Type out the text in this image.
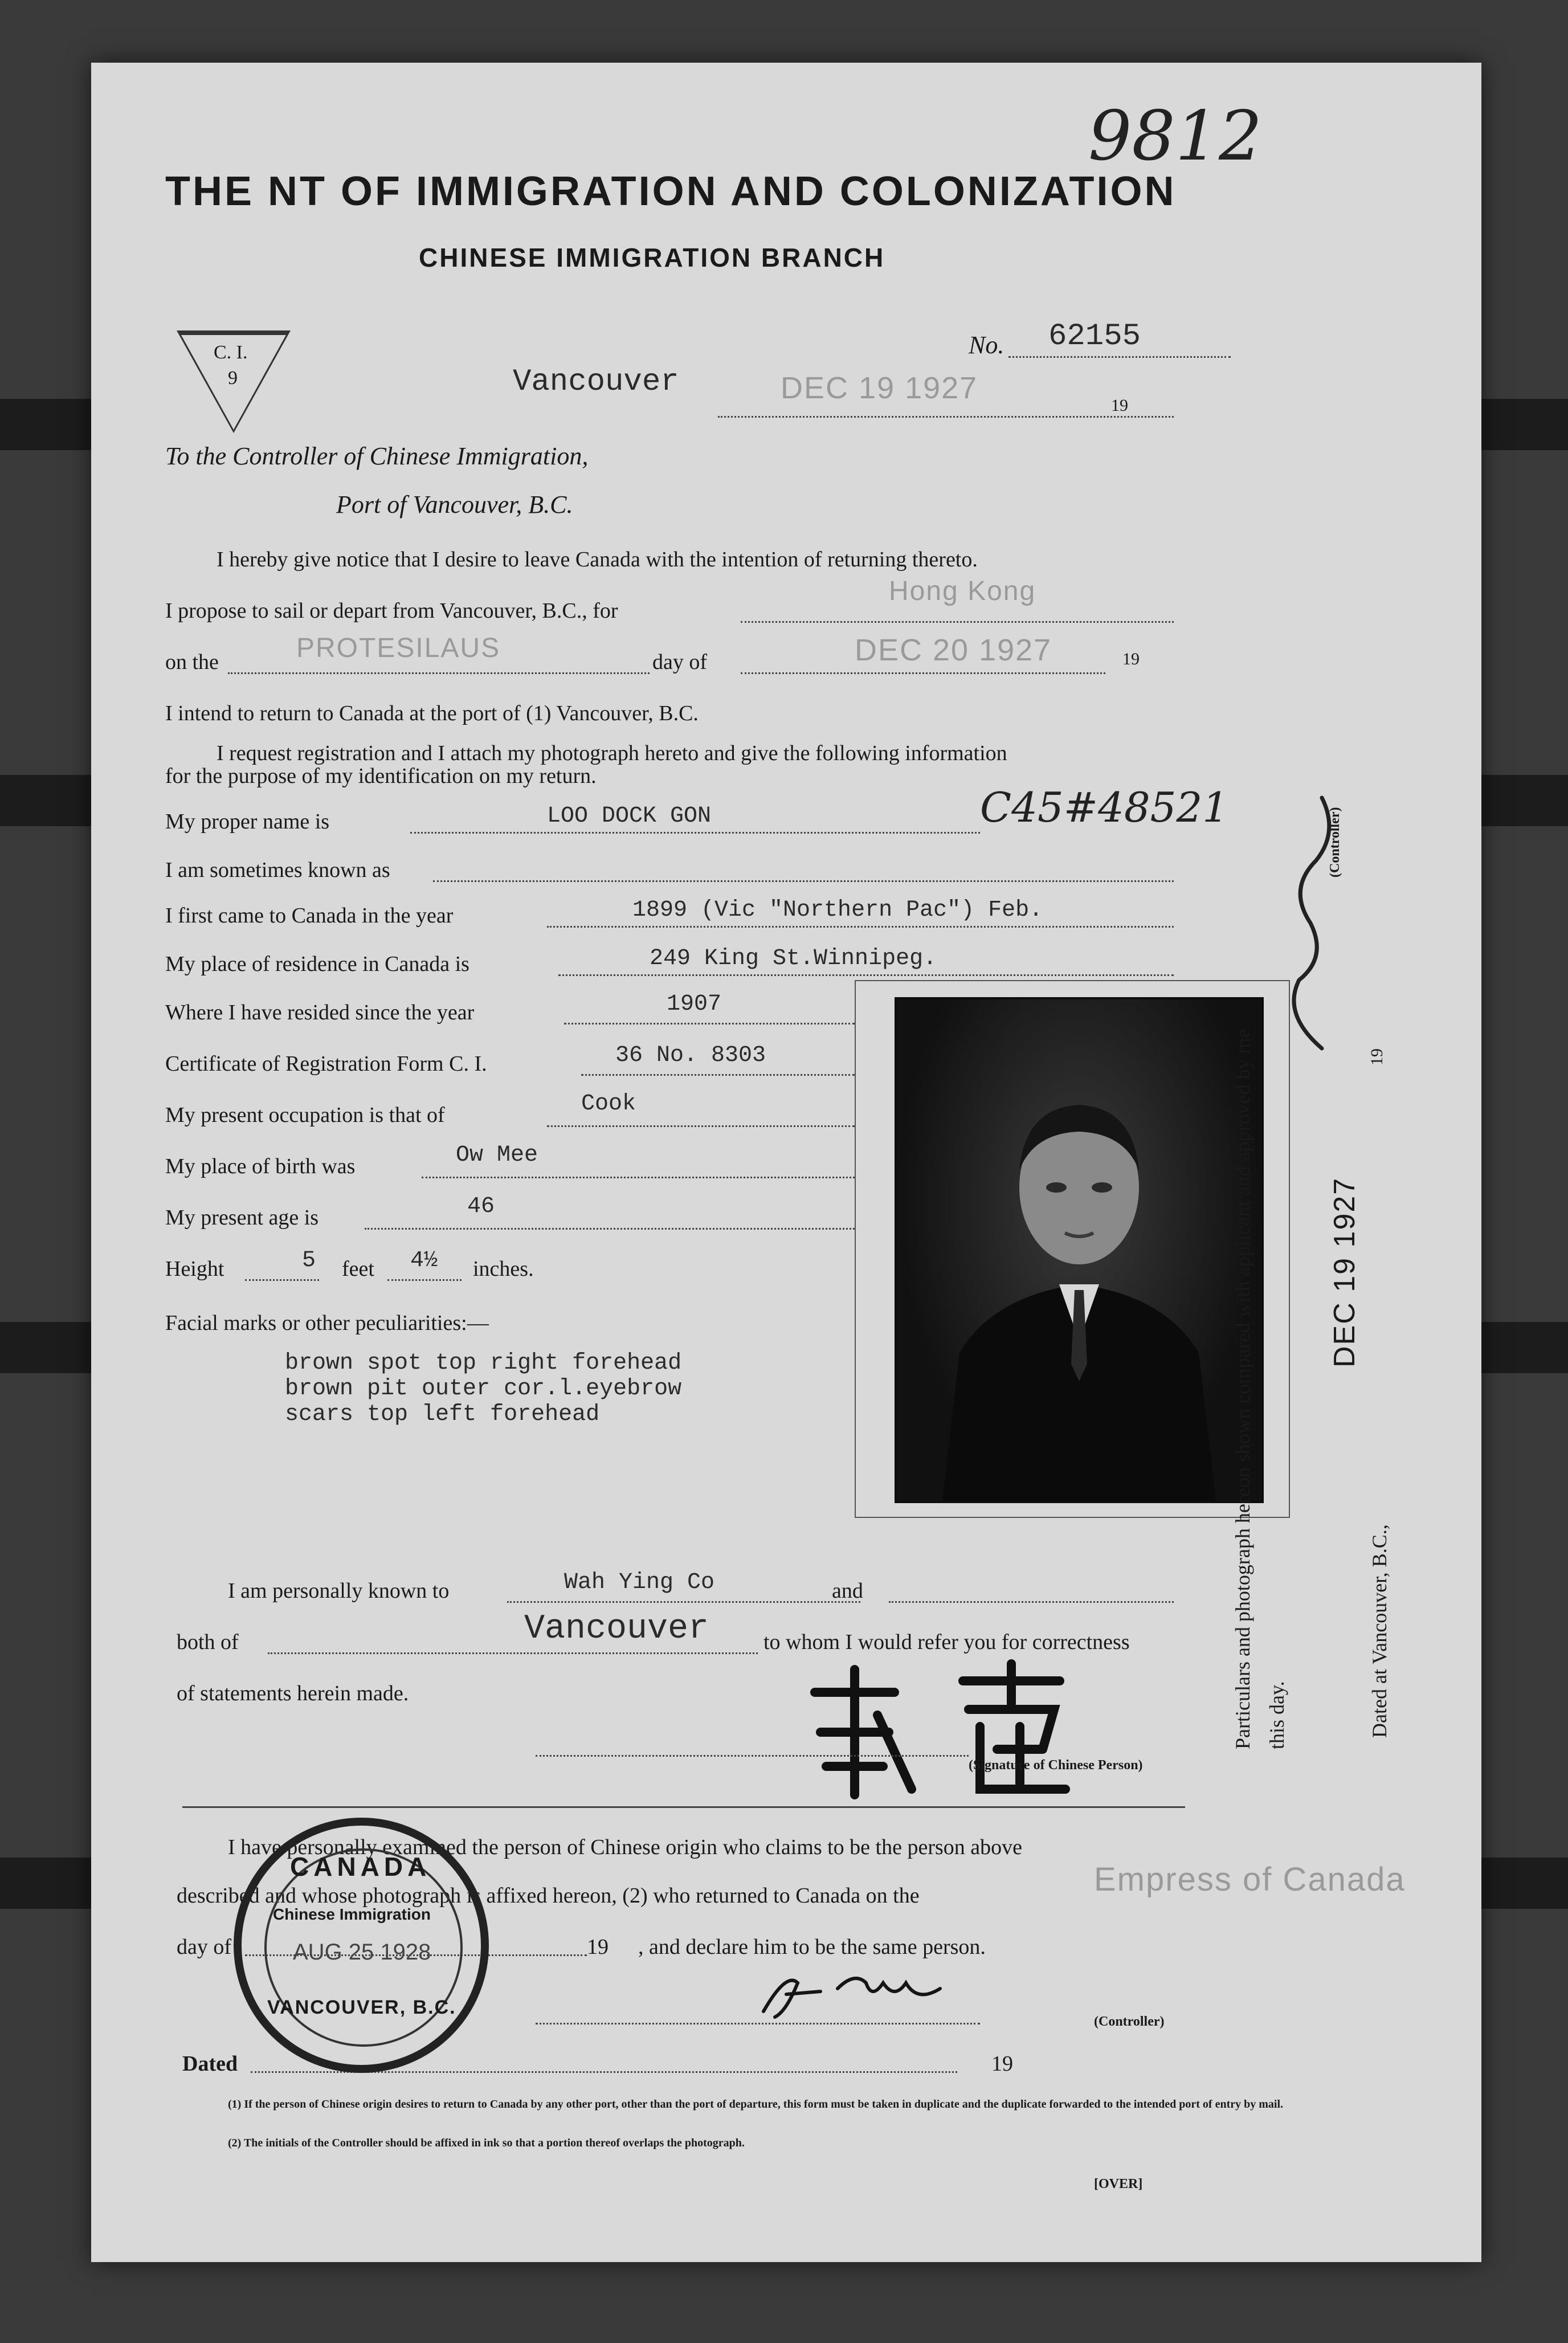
THE NT OF IMMIGRATION AND COLONIZATION
CHINESE IMMIGRATION BRANCH
9812
C. I.
9
No. 62155
Vancouver	DEC 19 1927
19
To the Controller of Chinese Immigration,
Port of Vancouver, B.C.
I hereby give notice that I desire to leave Canada with the intention of returning thereto.
I propose to sail or depart from Vancouver, B.C., for
Hong Kong
on the	PROTESILAUS	day of	DEC 20 1927	19
I intend to return to Canada at the port of (1) Vancouver, B.C.
I request registration and I attach my photograph hereto and give the following information
for the purpose of my identification on my return.
My proper name is	LOO DOCK GON	C45#48521
I am sometimes known as
I first came to Canada in the year	1899 (Vic "Northern Pac") Feb.
My place of residence in Canada is	249 King St.Winnipeg.
Where I have resided since the year	1907
Certificate of Registration Form C. I.	36 No. 8303
My present occupation is that of	Cook
My place of birth was	Ow Mee
My present age is	46
Height	5 feet 4½ inches.
Facial marks or other peculiarities:—
brown spot top right forehead
brown pit outer cor.l.eyebrow
scars top left forehead
I am personally known to	Wah Ying Co	and
both of	Vancouver	to whom I would refer you for correctness
of statements herein made.
(Signature of Chinese Person)
I have personally examined the person of Chinese origin who claims to be the person above
described and whose photograph is affixed hereon, (2) who returned to Canada on the	Empress of Canada
day of	19 , and declare him to be the same person.
(Controller)
Dated	19
CANADA
Chinese Immigration
AUG 25 1928
VANCOUVER, B.C.
(1) If the person of Chinese origin desires to return to Canada by any other port, other than the port of departure, this form must be taken in duplicate and the duplicate forwarded to the intended port of entry by mail.
(2) The initials of the Controller should be affixed in ink so that a portion thereof overlaps the photograph.
[OVER]
Particulars and photograph hereon shown compared with applicant and approved by me this day.
(Controller)
Dated at Vancouver, B.C.,
DEC 19 1927
19
